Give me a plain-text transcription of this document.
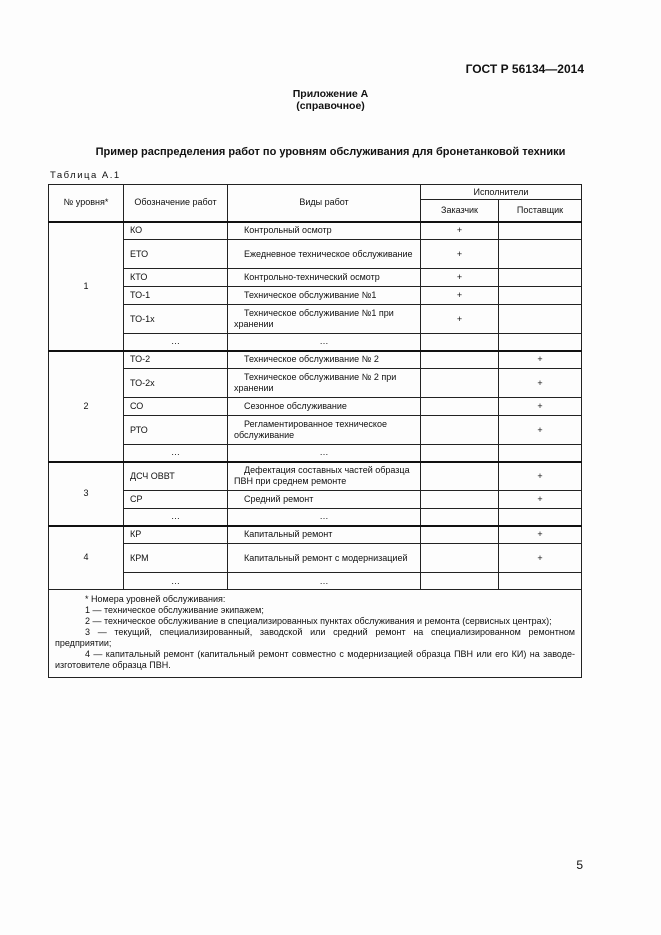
ГОСТ Р 56134—2014
Приложение А
(справочное)
Пример распределения работ по уровням обслуживания для бронетанковой техники
Таблица А.1
№ уровня*	Обозначение работ	Виды работ	Исполнители	
			Заказчик	Поставщик
1	КО	Контрольный осмотр	+	
	ЕТО	Ежедневное техническое обслуживание	+	
	КТО	Контрольно-технический осмотр	+	
	ТО-1	Техническое обслуживание №1	+	
	ТО-1х	Техническое обслуживание №1 при хранении	+	
	…	…		
2	ТО-2	Техническое обслуживание № 2		+
	ТО-2х	Техническое обслуживание № 2 при хранении		+
	СО	Сезонное обслуживание		+
	РТО	Регламентированное техническое обслуживание		+
	…	…		
3	ДСЧ ОВВТ	Дефектация составных частей образца ПВН при среднем ремонте		+
	СР	Средний ремонт		+
	…	…		
4	КР	Капитальный ремонт		+
	КРМ	Капитальный ремонт с модернизацией		+
	…	…		

* Номера уровней обслуживания:
1 — техническое обслуживание экипажем;
2 — техническое обслуживание в специализированных пунктах обслуживания и ремонта (сервисных центрах);
3 — текущий, специализированный, заводской или средний ремонт на специализированном ремонтном предприятии;
4 — капитальный ремонт (капитальный ремонт совместно с модернизацией образца ПВН или его КИ) на заводе-изготовителе образца ПВН.				
5
